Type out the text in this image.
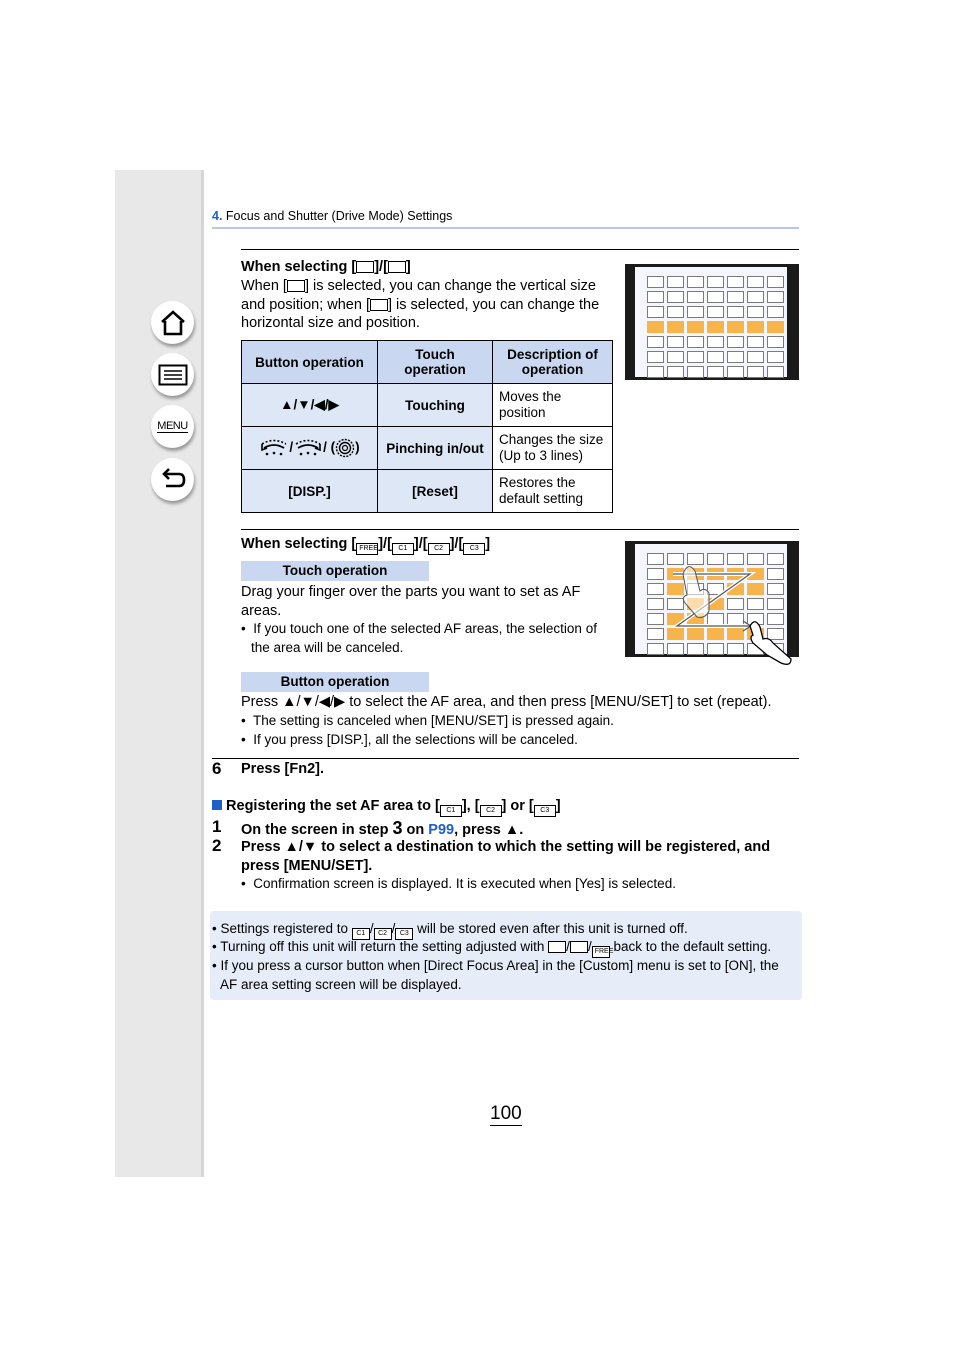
MENU
4. Focus and Shutter (Drive Mode) Settings
When selecting [ ]/[ ]
When [ ] is selected, you can change the vertical size
and position; when [ ] is selected, you can change the
horizontal size and position.
Button operation	Touch operation	Description of operation
▲/▼/◀/▶	Touching	Moves the position
/ / ( )	Pinching in/out	Changes the size (Up to 3 lines)
[DISP.]	[Reset]	Restores the default setting
When selecting [ FREE]/[ C1 ]/[ C2 ]/[ C3 ]
Touch operation
Drag your finger over the parts you want to set as AF
areas.
•  If you touch one of the selected AF areas, the selection of
the area will be canceled.
Button operation
Press ▲/▼/◀/▶ to select the AF area, and then press [MENU/SET] to set (repeat).
•  The setting is canceled when [MENU/SET] is pressed again.
•  If you press [DISP.], all the selections will be canceled.
6 Press [Fn2].
Registering the set AF area to [ C1 ], [ C2 ] or [ C3 ]
1 On the screen in step 3 on P99, press ▲.
2 Press ▲/▼ to select a destination to which the setting will be registered, and
press [MENU/SET].
•  Confirmation screen is displayed. It is executed when [Yes] is selected.
• Settings registered to C1 / C2 / C3 will be stored even after this unit is turned off.
• Turning off this unit will return the setting adjusted with / / FREE back to the default setting.
• If you press a cursor button when [Direct Focus Area] in the [Custom] menu is set to [ON], the
AF area setting screen will be displayed.
100
